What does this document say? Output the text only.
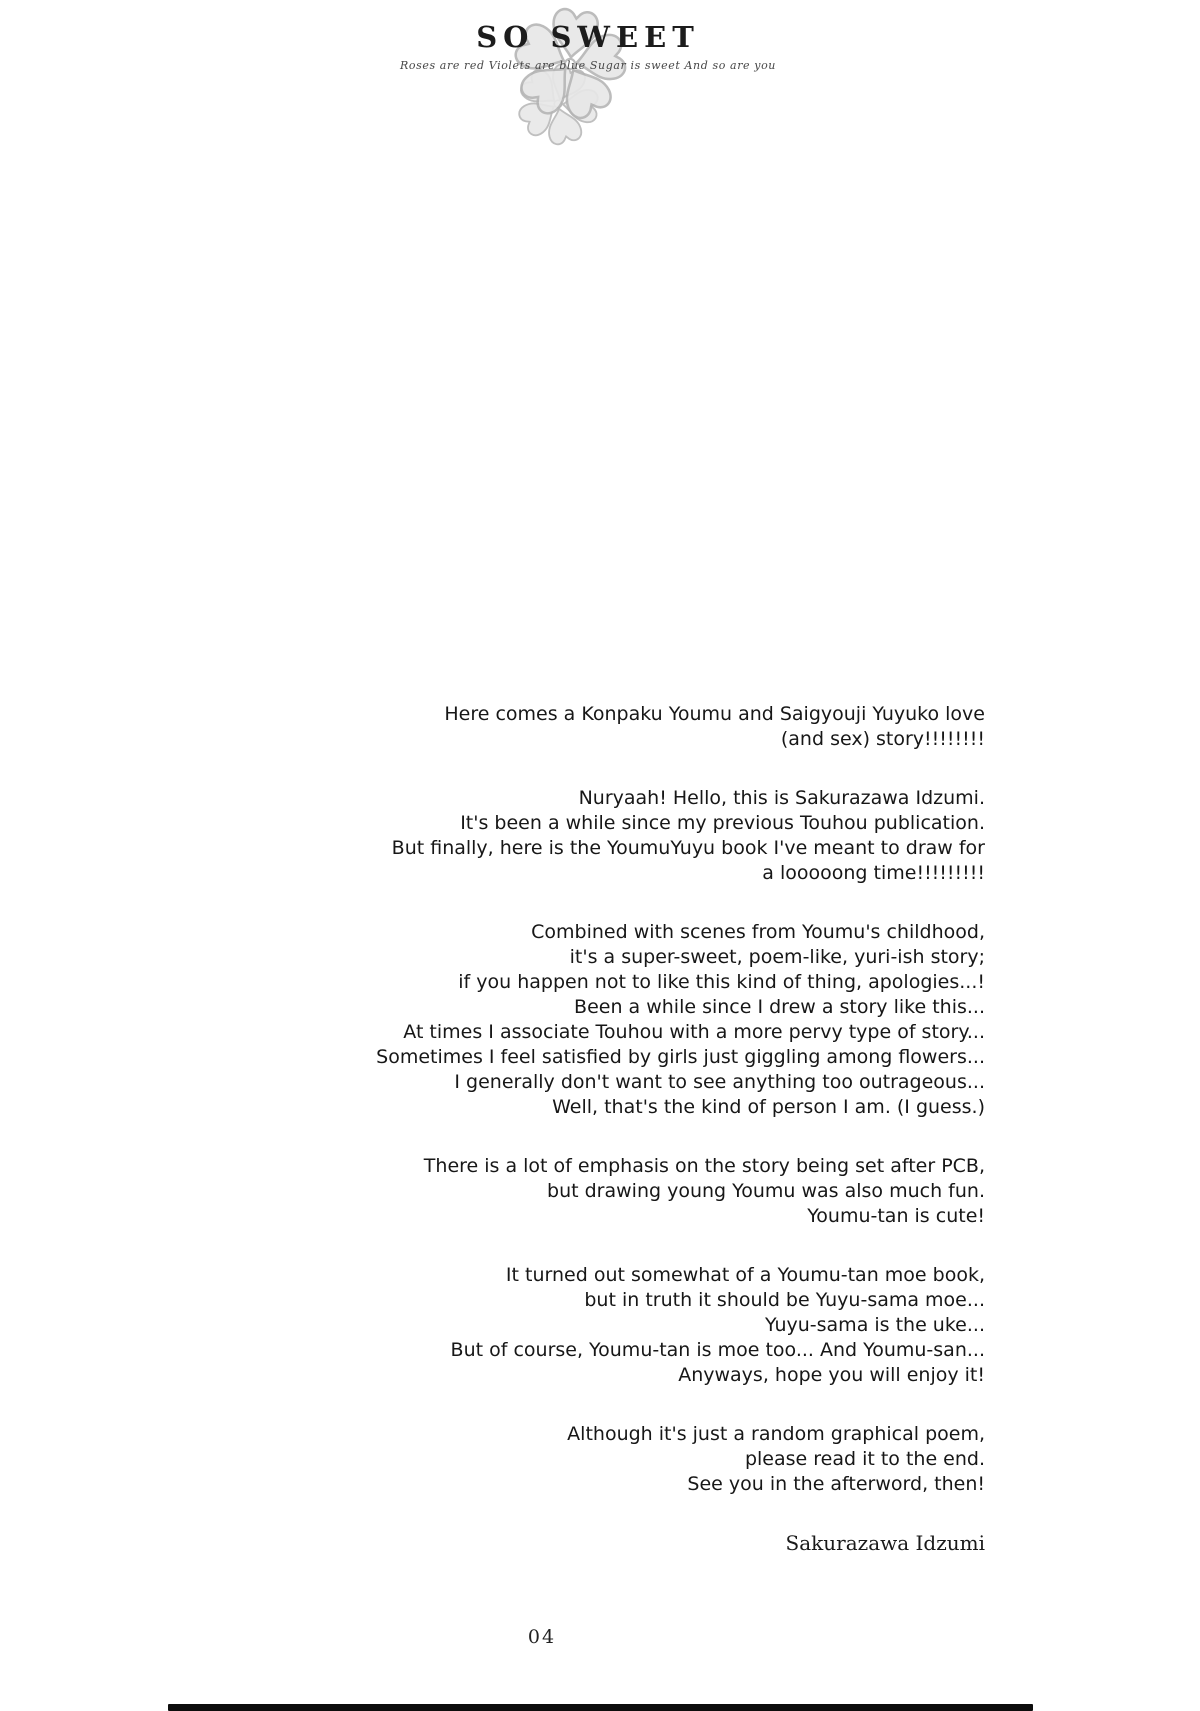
SO SWEET
Roses are red Violets are blue Sugar is sweet And so are you
Here comes a Konpaku Youmu and Saigyouji Yuyuko love
(and sex) story!!!!!!!!
Nuryaah! Hello, this is Sakurazawa Idzumi.
It's been a while since my previous Touhou publication.
But finally, here is the YoumuYuyu book I've meant to draw for
a looooong time!!!!!!!!!
Combined with scenes from Youmu's childhood,
it's a super-sweet, poem-like, yuri-ish story;
if you happen not to like this kind of thing, apologies...!
Been a while since I drew a story like this...
At times I associate Touhou with a more pervy type of story...
Sometimes I feel satisfied by girls just giggling among flowers...
I generally don't want to see anything too outrageous...
Well, that's the kind of person I am. (I guess.)
There is a lot of emphasis on the story being set after PCB,
but drawing young Youmu was also much fun.
Youmu-tan is cute!
It turned out somewhat of a Youmu-tan moe book,
but in truth it should be Yuyu-sama moe...
Yuyu-sama is the uke...
But of course, Youmu-tan is moe too... And Youmu-san...
Anyways, hope you will enjoy it!
Although it's just a random graphical poem,
please read it to the end.
See you in the afterword, then!
Sakurazawa Idzumi
04
